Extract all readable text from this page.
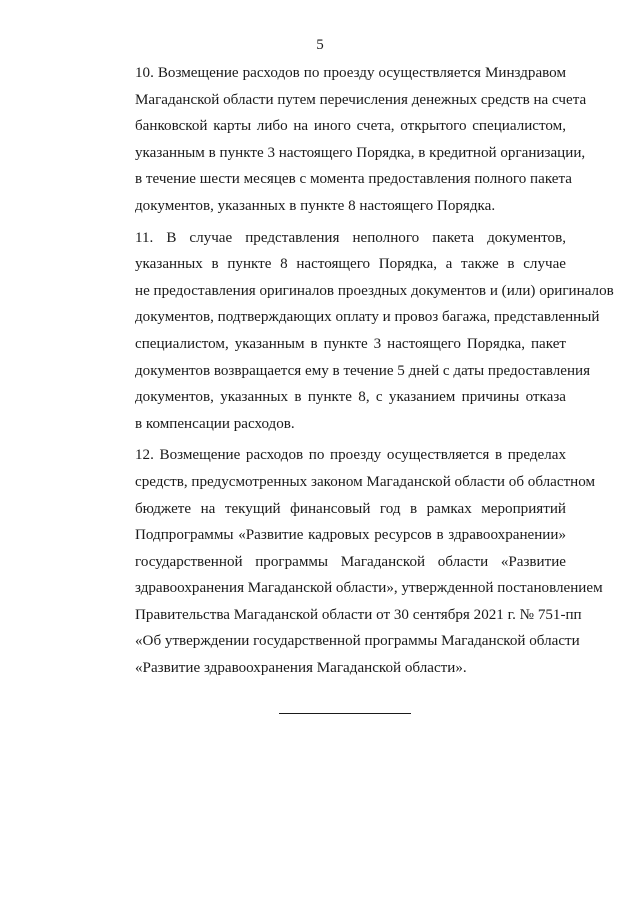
5
10. Возмещение расходов по проезду осуществляется Минздравом
Магаданской области путем перечисления денежных средств на счета
банковской карты либо на иного счета, открытого специалистом,
указанным в пункте 3 настоящего Порядка, в кредитной организации,
в течение шести месяцев с момента предоставления полного пакета
документов, указанных в пункте 8 настоящего Порядка.
11. В случае представления неполного пакета документов,
указанных в пункте 8 настоящего Порядка, а также в случае
не предоставления оригиналов проездных документов и (или) оригиналов
документов, подтверждающих оплату и провоз багажа, представленный
специалистом, указанным в пункте 3 настоящего Порядка, пакет
документов возвращается ему в течение 5 дней с даты предоставления
документов, указанных в пункте 8, с указанием причины отказа
в компенсации расходов.
12. Возмещение расходов по проезду осуществляется в пределах
средств, предусмотренных законом Магаданской области об областном
бюджете на текущий финансовый год в рамках мероприятий
Подпрограммы «Развитие кадровых ресурсов в здравоохранении»
государственной программы Магаданской области «Развитие
здравоохранения Магаданской области», утвержденной постановлением
Правительства Магаданской области от 30 сентября 2021 г. № 751-пп
«Об утверждении государственной программы Магаданской области
«Развитие здравоохранения Магаданской области».
